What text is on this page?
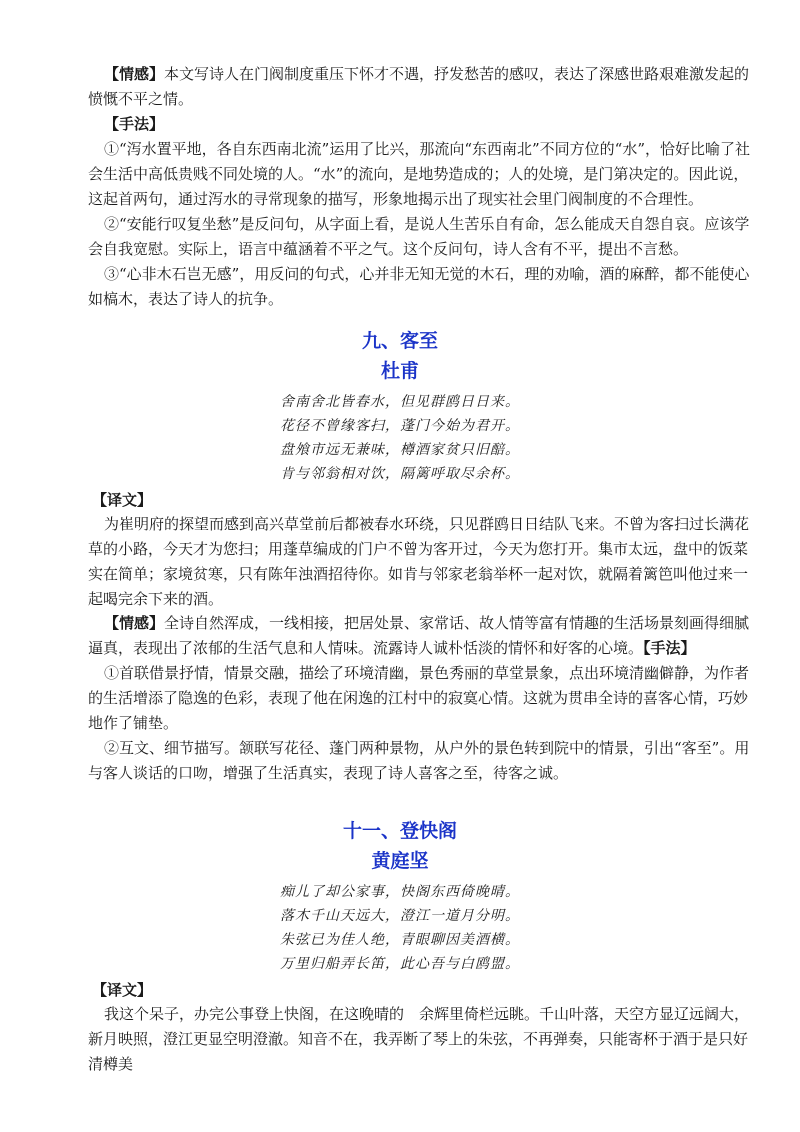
【情感】本文写诗人在门阀制度重压下怀才不遇，抒发愁苦的感叹，表达了深感世路艰难激发起的愤慨不平之情。

【手法】

①“泻水置平地，各自东西南北流”运用了比兴，那流向“东西南北”不同方位的“水”，恰好比喻了社会生活中高低贵贱不同处境的人。“水”的流向，是地势造成的；人的处境，是门第决定的。因此说，这起首两句，通过泻水的寻常现象的描写，形象地揭示出了现实社会里门阀制度的不合理性。

②“安能行叹复坐愁”是反问句，从字面上看，是说人生苦乐自有命，怎么能成天自怨自哀。应该学会自我宽慰。实际上，语言中蕴涵着不平之气。这个反问句，诗人含有不平，提出不言愁。

③“心非木石岂无感”，用反问的句式，心并非无知无觉的木石，理的劝喻，酒的麻醉，都不能使心如槁木，表达了诗人的抗争。

九、客至
杜甫

舍南舍北皆春水，但见群鸥日日来。

花径不曾缘客扫，蓬门今始为君开。

盘飧市远无兼味，樽酒家贫只旧醅。

肯与邻翁相对饮，隔篱呼取尽余杯。

【译文】

为崔明府的探望而感到高兴草堂前后都被春水环绕，只见群鸥日日结队飞来。不曾为客扫过长满花草的小路，今天才为您扫；用蓬草编成的门户不曾为客开过，今天为您打开。集市太远，盘中的饭菜实在简单；家境贫寒，只有陈年浊酒招待你。如肯与邻家老翁举杯一起对饮，就隔着篱笆叫他过来一起喝完余下来的酒。

【情感】全诗自然浑成，一线相接，把居处景、家常话、故人情等富有情趣的生活场景刻画得细腻逼真，表现出了浓郁的生活气息和人情味。流露诗人诚朴恬淡的情怀和好客的心境。【手法】

①首联借景抒情，情景交融，描绘了环境清幽，景色秀丽的草堂景象，点出环境清幽僻静，为作者的生活增添了隐逸的色彩，表现了他在闲逸的江村中的寂寞心情。这就为贯串全诗的喜客心情，巧妙地作了铺垫。

②互文、细节描写。颔联写花径、蓬门两种景物，从户外的景色转到院中的情景，引出“客至”。用与客人谈话的口吻，增强了生活真实，表现了诗人喜客之至，待客之诚。

十一、登快阁
黄庭坚

痴儿了却公家事，快阁东西倚晚晴。

落木千山天远大，澄江一道月分明。

朱弦已为佳人绝，青眼聊因美酒横。

万里归船弄长笛，此心吾与白鸥盟。

【译文】

我这个呆子，办完公事登上快阁，在这晚晴的　余辉里倚栏远眺。千山叶落，天空方显辽远阔大，新月映照，澄江更显空明澄澈。知音不在，我弄断了琴上的朱弦，不再弹奏，只能寄杯于酒于是只好清樽美
